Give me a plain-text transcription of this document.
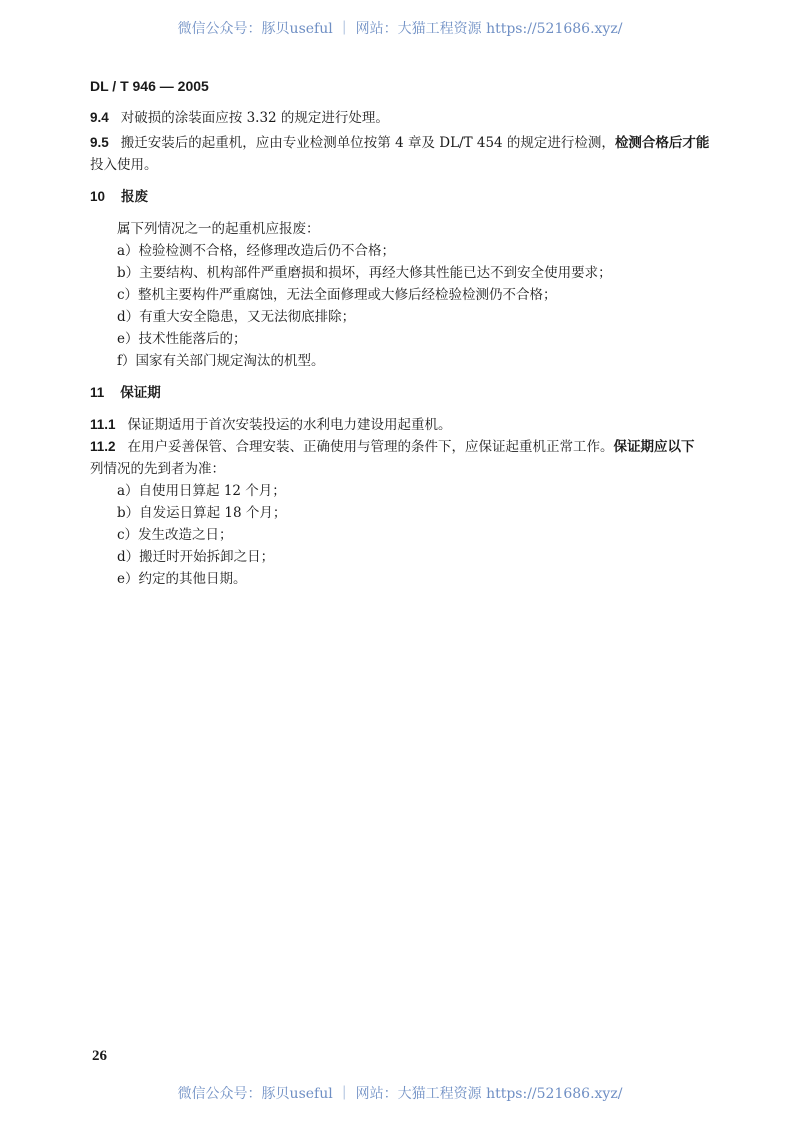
微信公众号：豚贝useful ｜ 网站：大猫工程资源 https://521686.xyz/
DL / T 946 — 2005
9.4 对破损的涂装面应按 3.32 的规定进行处理。
9.5 搬迁安装后的起重机，应由专业检测单位按第 4 章及 DL/T 454 的规定进行检测，检测合格后才能
投入使用。
10 报废
属下列情况之一的起重机应报废：
a）检验检测不合格，经修理改造后仍不合格；
b）主要结构、机构部件严重磨损和损坏，再经大修其性能已达不到安全使用要求；
c）整机主要构件严重腐蚀，无法全面修理或大修后经检验检测仍不合格；
d）有重大安全隐患，又无法彻底排除；
e）技术性能落后的；
f）国家有关部门规定淘汰的机型。
11 保证期
11.1 保证期适用于首次安装投运的水利电力建设用起重机。
11.2 在用户妥善保管、合理安装、正确使用与管理的条件下，应保证起重机正常工作。保证期应以下
列情况的先到者为准：
a）自使用日算起 12 个月；
b）自发运日算起 18 个月；
c）发生改造之日；
d）搬迁时开始拆卸之日；
e）约定的其他日期。
26
微信公众号：豚贝useful ｜ 网站：大猫工程资源 https://521686.xyz/
